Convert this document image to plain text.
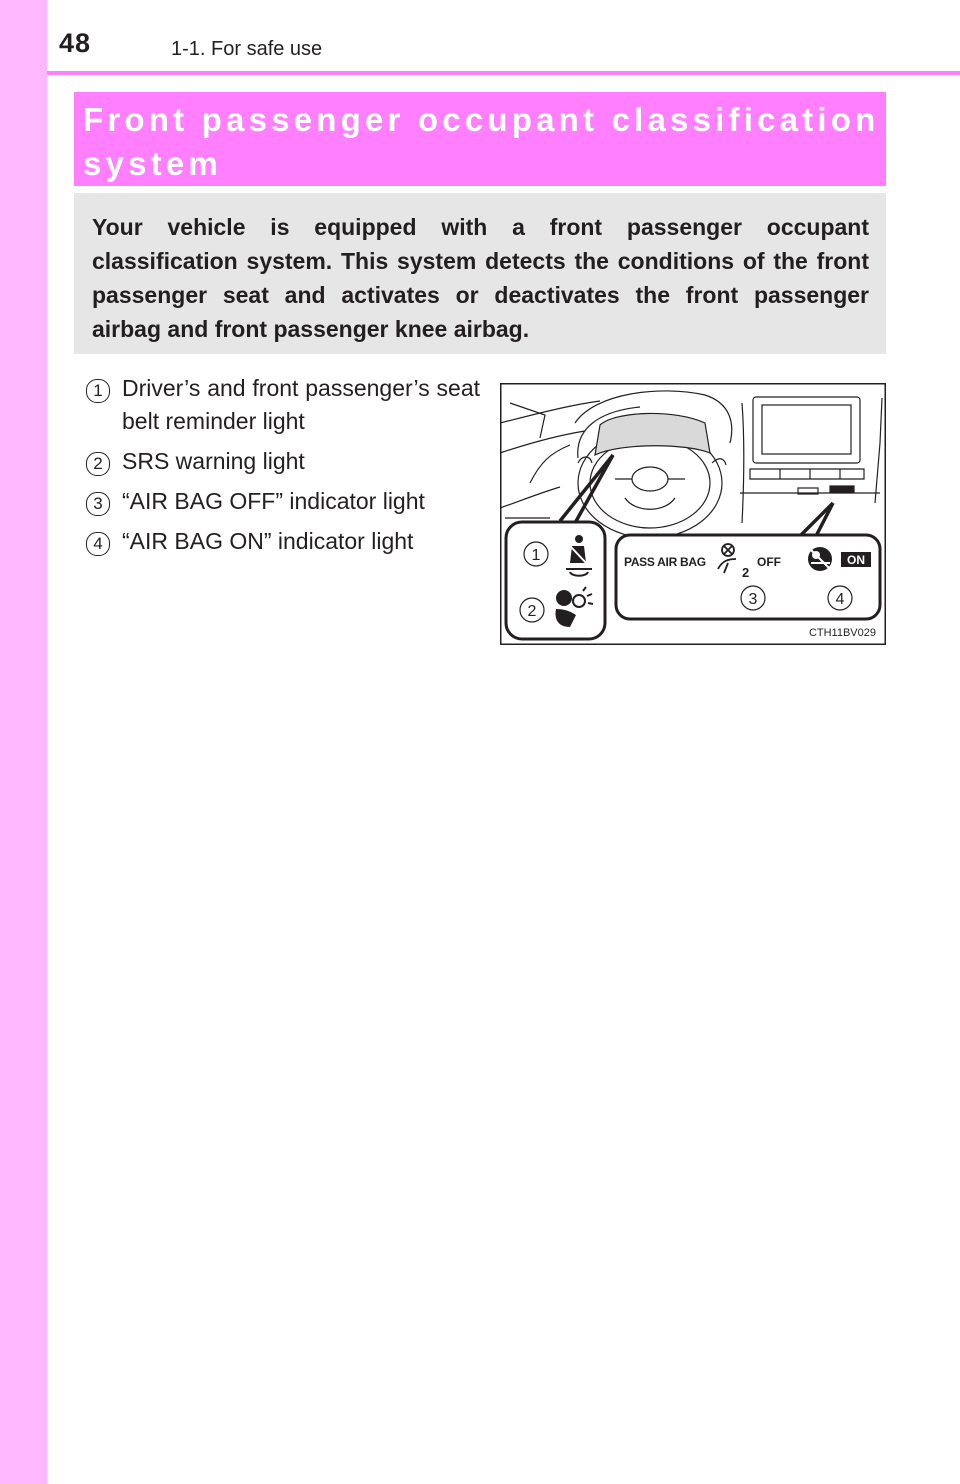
48	1-1. For safe use

Front passenger occupant classification system

Your vehicle is equipped with a front passenger occupant classification system. This system detects the conditions of the front passenger seat and activates or deactivates the front passenger airbag and front passenger knee airbag.

1 Driver’s and front passenger’s seat belt reminder light
2 SRS warning light
3 “AIR BAG OFF” indicator light
4 “AIR BAG ON” indicator light
1
2
3	4
PASS AIR BAG
2
OFF	ON
CTH11BV029
